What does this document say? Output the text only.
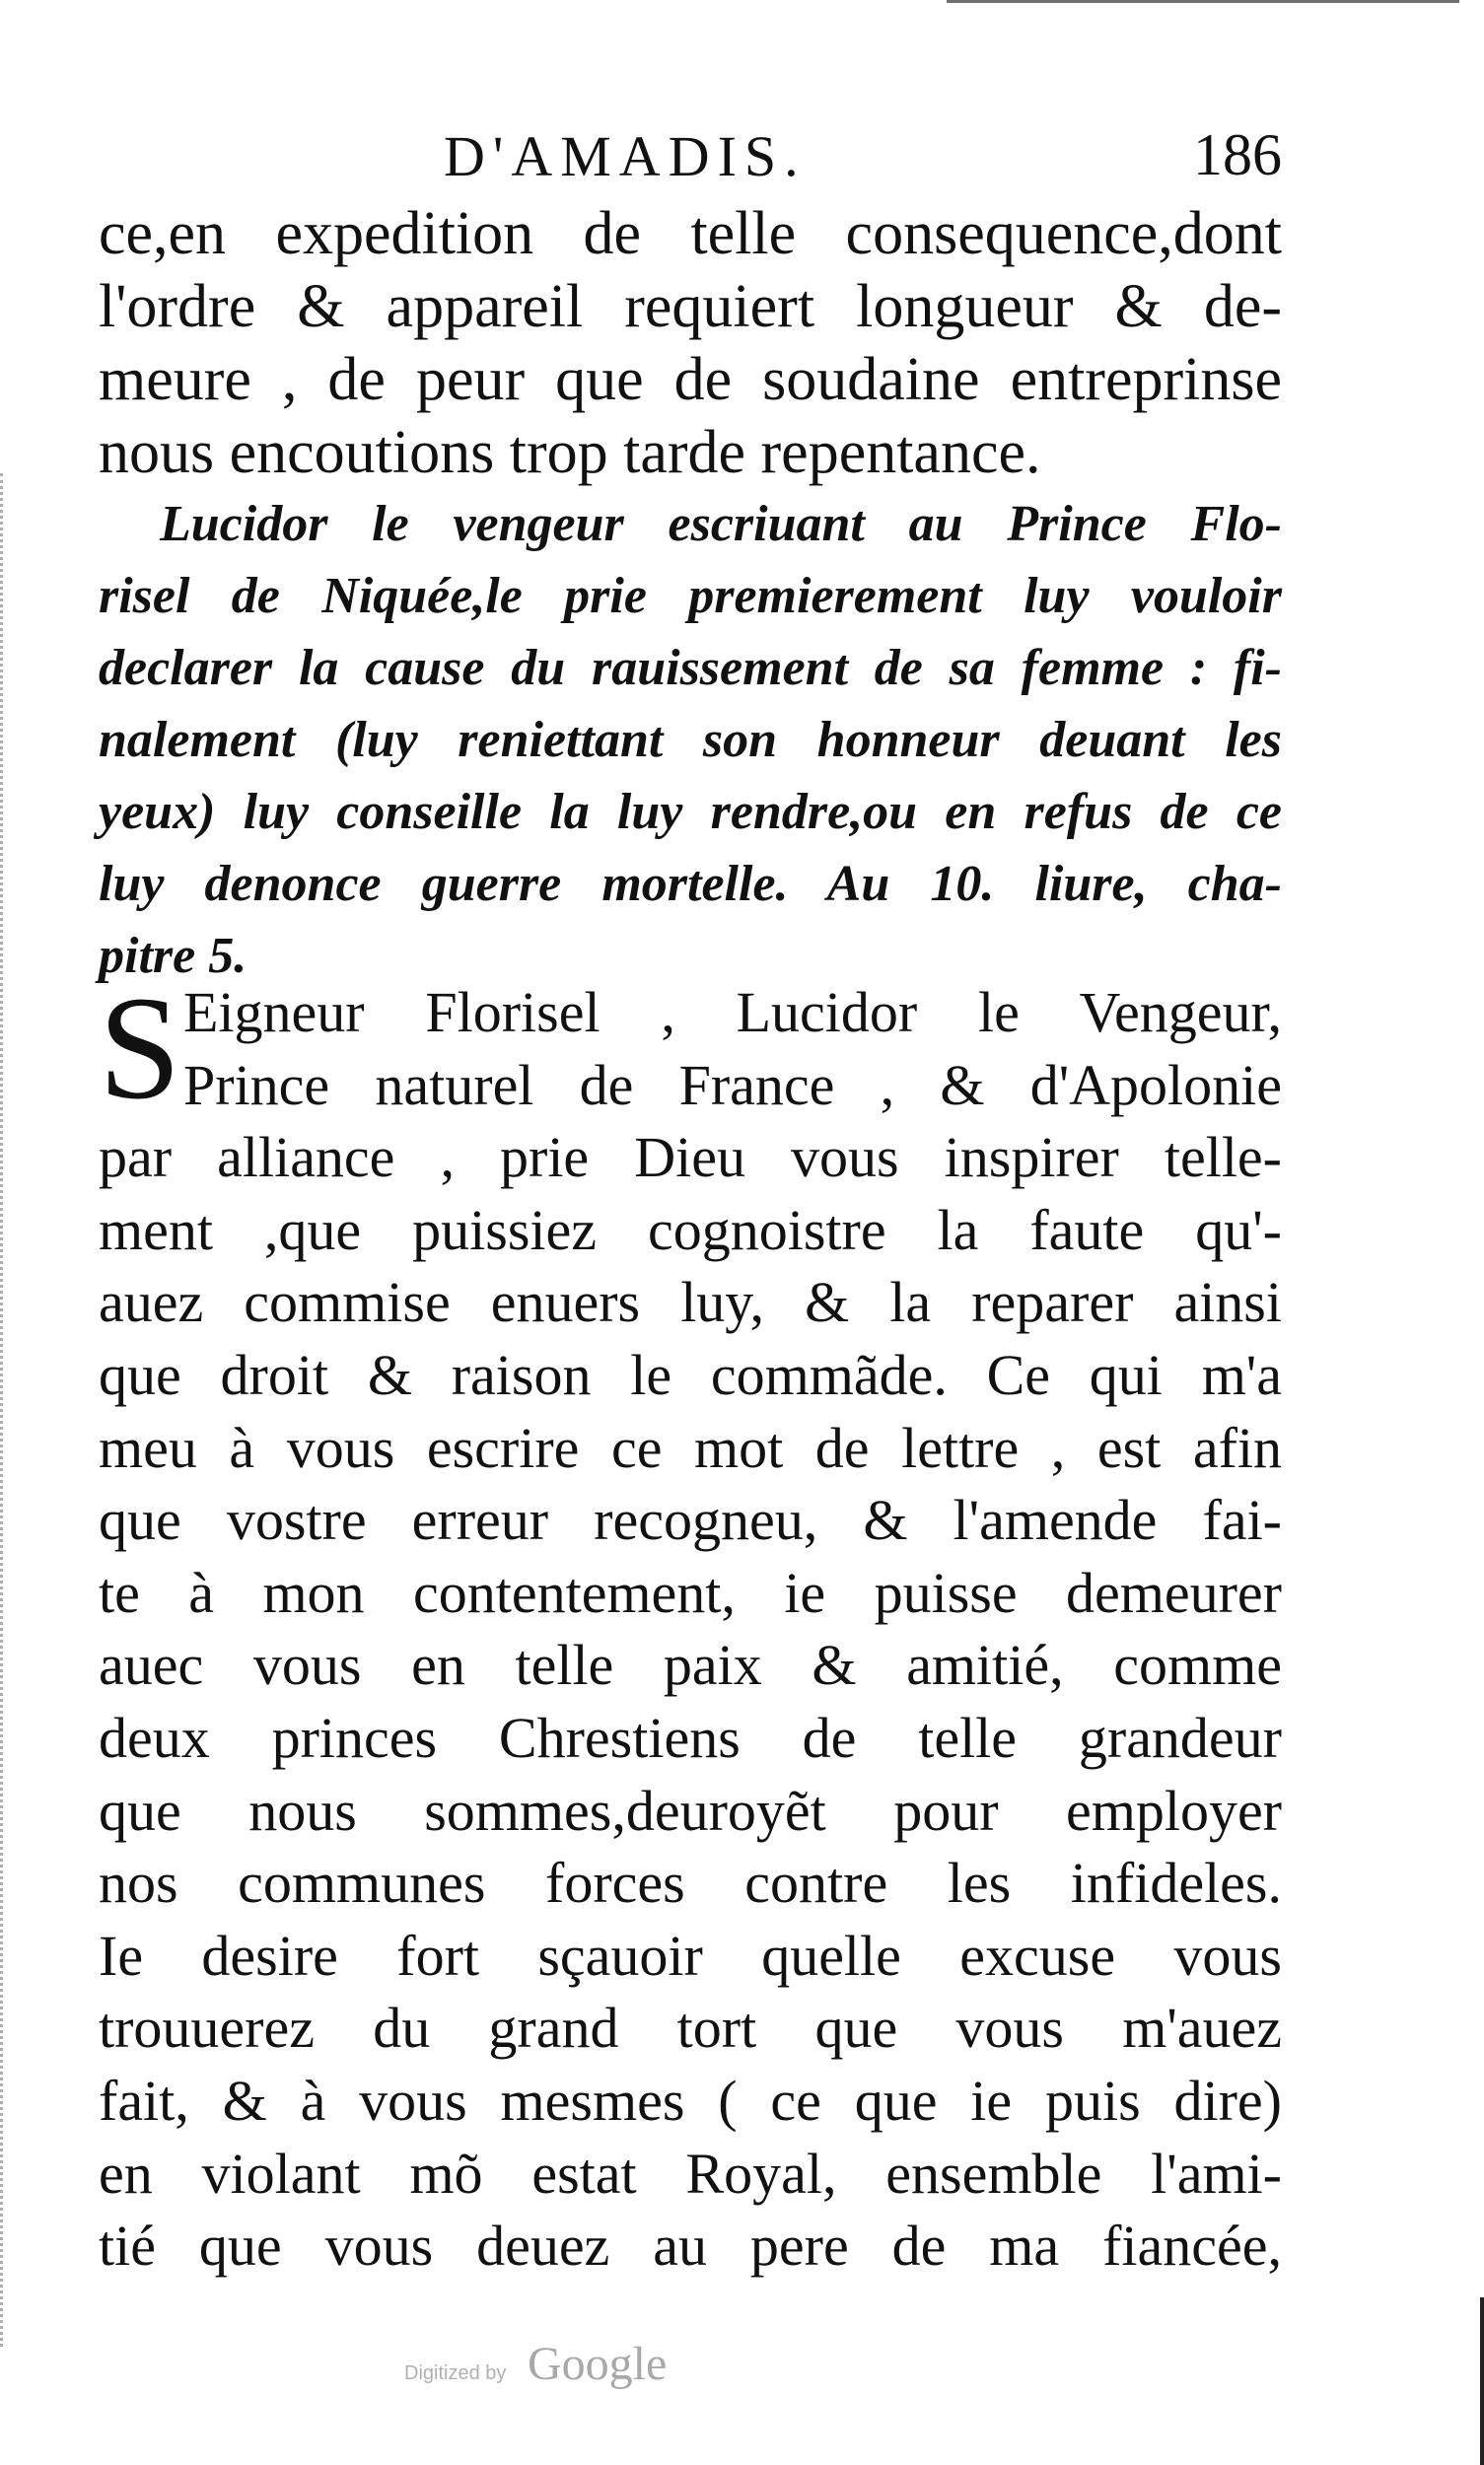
D'AMADIS.	186
ce,en expedition de telle consequence,dont
l'ordre & appareil requiert longueur & de-
meure , de peur que de soudaine entreprinse
nous encoutions trop tarde repentance.
Lucidor le vengeur escriuant au Prince Flo-
risel de Niquée,le prie premierement luy vouloir
declarer la cause du rauissement de sa femme : fi-
nalement (luy reniettant son honneur deuant les
yeux) luy conseille la luy rendre,ou en refus de ce
luy denonce guerre mortelle. Au 10. liure, cha-
pitre 5.
S Eigneur Florisel , Lucidor le Vengeur,
Prince naturel de France , & d'Apolonie
par alliance , prie Dieu vous inspirer telle-
ment ,que puissiez cognoistre la faute qu'-
auez commise enuers luy, & la reparer ainsi
que droit & raison le commãde. Ce qui m'a
meu à vous escrire ce mot de lettre , est afin
que vostre erreur recogneu, & l'amende fai-
te à mon contentement, ie puisse demeurer
auec vous en telle paix & amitié, comme
deux princes Chrestiens de telle grandeur
que nous sommes,deuroyẽt pour employer
nos communes forces contre les infideles.
Ie desire fort sçauoir quelle excuse vous
trouuerez du grand tort que vous m'auez
fait, & à vous mesmes ( ce que ie puis dire)
en violant mõ estat Royal, ensemble l'ami-
tié que vous deuez au pere de ma fiancée,
Digitized by Google
